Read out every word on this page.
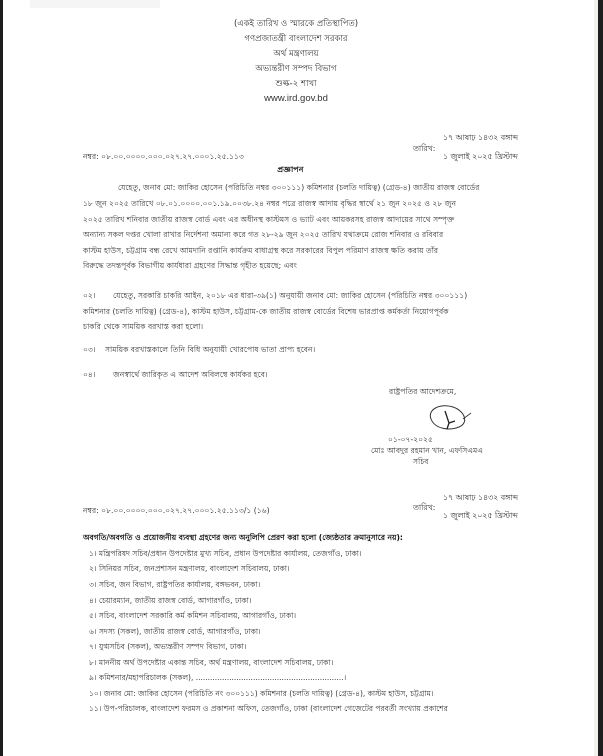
(একই তারিখ ও স্মারকে প্রতিস্থাপিত)
গণপ্রজাতন্ত্রী বাংলাদেশ সরকার
অর্থ মন্ত্রণালয়
অভ্যন্তরীণ সম্পদ বিভাগ
শুল্ক-২ শাখা
www.ird.gov.bd
নম্বর: ০৮.০০.০০০০.০০০.০২৭.২৭.০০০১.২৫.১১৩
তারিখ:
১৭ আষাঢ় ১৪৩২ বঙ্গাব্দ
১ জুলাই ২০২৫ খ্রিস্টাব্দ
প্রজ্ঞাপন
যেহেতু, জনাব মো: জাকির হোসেন (পরিচিতি নম্বর ৩০০১১১) কমিশনার (চলতি দায়িত্ব) (গ্রেড-৪) জাতীয় রাজস্ব বোর্ডের
১৮ জুন ২০২৫ তারিখে ০৮.০১.০০০০.০০১.১৯.০০৩৮.২৪ নম্বর পত্রে রাজস্ব আদায় বৃদ্ধির স্বার্থে ২১ জুন ২০২৫ ও ২৮ জুন
২০২৫ তারিখ শনিবার জাতীয় রাজস্ব বোর্ড এবং এর অধীনস্থ কাস্টমস ও ভ্যাট এবং আয়করসহ রাজস্ব আদায়ের সাথে সম্পৃক্ত
অন্যান্য সকল দপ্তর খোলা রাখার নির্দেশনা অমান্য করে গত ২৮-২৯ জুন ২০২৫ তারিখ যথাক্রমে রোজ শনিবার ও রবিবার
কাস্টম হাউস, চট্টগ্রাম বন্ধ রেখে আমদানি রপ্তানি কার্যক্রম বাধাগ্রস্থ করে সরকারের বিপুল পরিমাণ রাজস্ব ক্ষতি করায় তাঁর
বিরুদ্ধে তদন্তপূর্বক বিভাগীয় কার্যধারা গ্রহণের সিদ্ধান্ত গৃহীত হয়েছে; এবং
০২। যেহেতু, সরকারি চাকরি আইন, ২০১৮ এর ধারা-৩৯(১) অনুযায়ী জনাব মো: জাকির হোসেন (পরিচিতি নম্বর ৩০০১১১)
কমিশনার (চলতি দায়িত্ব) (গ্রেড-৪), কাস্টম হাউস, চট্টগ্রাম-কে জাতীয় রাজস্ব বোর্ডের বিশেষ ভারপ্রাপ্ত কর্মকর্তা নিয়োগপূর্বক
চাকরি থেকে সাময়িক বরখাস্ত করা হলো।
০৩। সাময়িক বরখাস্তকালে তিনি বিধি অনুযায়ী খোরপোষ ভাতা প্রাপ্য হবেন।
০৪। জনস্বার্থে জারিকৃত এ আদেশ অবিলম্বে কার্যকর হবে।
রাষ্ট্রপতির আদেশক্রমে,
০১-০৭-২০২৫
মোঃ আবদুর রহমান খান, এফসিএমএ
সচিব
নম্বর: ০৮.০০.০০০০.০০০.০২৭.২৭.০০০১.২৫.১১৩/১ (১৬)	তারিখ:
১৭ আষাঢ় ১৪৩২ বঙ্গাব্দ
১ জুলাই ২০২৫ খ্রিস্টাব্দ
অবগতি/অবগতি ও প্রয়োজনীয় ব্যবস্থা গ্রহণের জন্য অনুলিপি প্রেরণ করা হলো (জ্যেষ্ঠতার ক্রমানুসারে নয়):
১। মন্ত্রিপরিষদ সচিব/প্রধান উপদেষ্টার মুখ্য সচিব, প্রধান উপদেষ্টার কার্যালয়, তেজগাঁও, ঢাকা।
২। সিনিয়র সচিব, জনপ্রশাসন মন্ত্রণালয়, বাংলাদেশ সচিবালয়, ঢাকা।
৩। সচিব, জন বিভাগ, রাষ্ট্রপতির কার্যালয়, বঙ্গভবন, ঢাকা।
৪। চেয়ারম্যান, জাতীয় রাজস্ব বোর্ড, আগারগাঁও, ঢাকা।
৫। সচিব, বাংলাদেশ সরকারি কর্ম কমিশন সচিবালয়, আগারগাঁও, ঢাকা।
৬। সদস্য (সকল), জাতীয় রাজস্ব বোর্ড, আগারগাঁও, ঢাকা।
৭। যুগ্মসচিব (সকল), অভ্যন্তরীণ সম্পদ বিভাগ, ঢাকা।
৮। মাননীয় অর্থ উপদেষ্টার একান্ত সচিব, অর্থ মন্ত্রণালয়, বাংলাদেশ সচিবালয়, ঢাকা।
৯। কমিশনার/মহাপরিচালক (সকল), ..............................................................।
১০। জনাব মো: জাকির হোসেন (পরিচিতি নং ৩০০১১১) কমিশনার (চলতি দায়িত্ব) (গ্রেড-৪), কাস্টম হাউস, চট্টগ্রাম।
১১। উপ-পরিচালক, বাংলাদেশ ফরমস ও প্রকাশনা অফিস, তেজগাঁও, ঢাকা (বাংলাদেশ গেজেটের পরবর্তী সংখ্যায় প্রকাশের
